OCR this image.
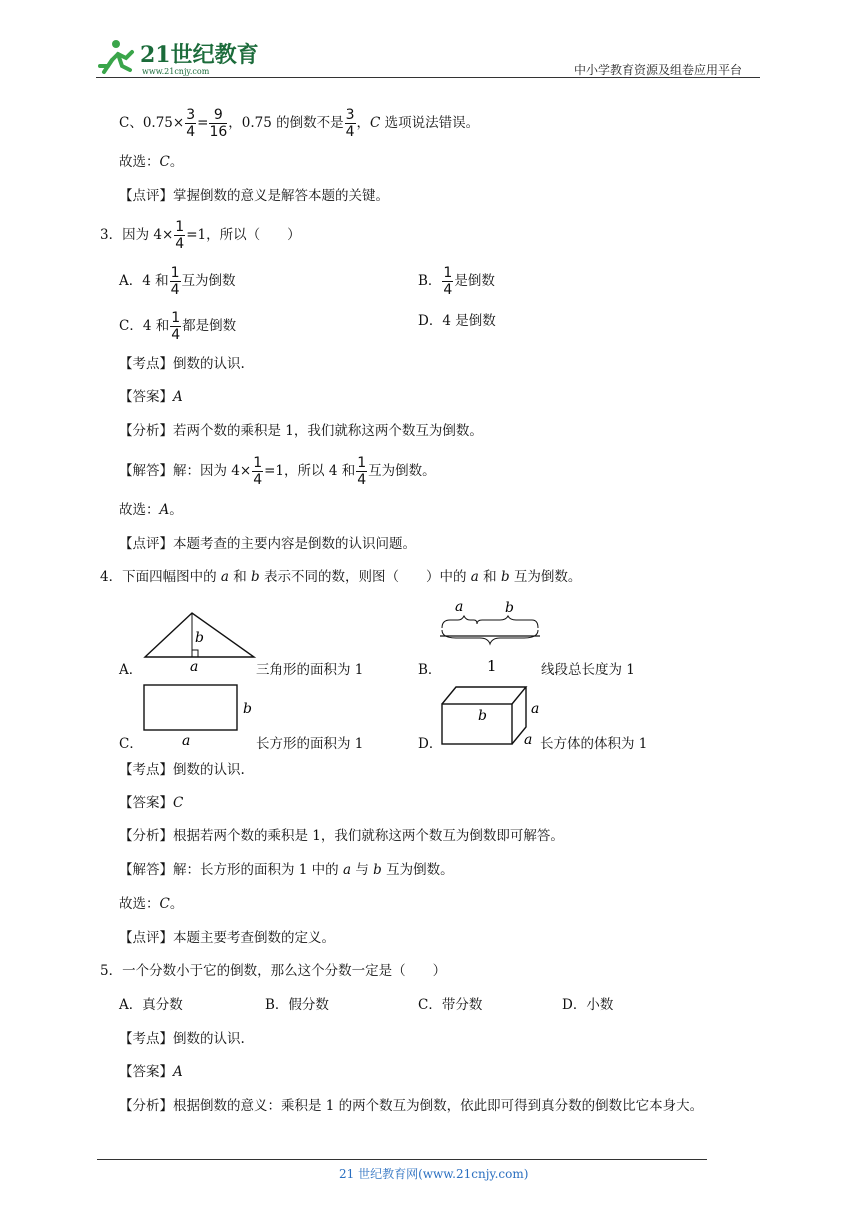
21世纪教育
www.21cnjy.com	中小学教育资源及组卷应用平台
C、$0.75\times \frac{3}{4} = \frac{9}{16}$ ，0.75 的倒数不是 $\frac{3}{4}$ ，C 选项说法错误。
故选：C。
【点评】掌握倒数的意义是解答本题的关键。
3．因为 $4\times \frac{1}{4} =1$，所以（　　）
A．4 和 $\frac{1}{4}$ 互为倒数	B． $\frac{1}{4}$ 是倒数
C．4 和 $\frac{1}{4}$ 都是倒数	D．4 是倒数
【考点】倒数的认识.
【答案】A
【分析】若两个数的乘积是 1，我们就称这两个数互为倒数。
【解答】解：因为 $4\times \frac{1}{4} =1$，所以 4 和 $\frac{1}{4}$ 互为倒数。
故选：A。
【点评】本题考查的主要内容是倒数的认识问题。
4．下面四幅图中的 a 和 b 表示不同的数，则图（　　）中的 a 和 b 互为倒数。
A．
b
a	三角形的面积为 1	B．
a	b
1	线段总长度为 1
C．
b
a	长方形的面积为 1	D．
b	a
a 长方体的体积为 1
【考点】倒数的认识.
【答案】C
【分析】根据若两个数的乘积是 1，我们就称这两个数互为倒数即可解答。
【解答】解：长方形的面积为 1 中的 a 与 b 互为倒数。
故选：C。
【点评】本题主要考查倒数的定义。
5．一个分数小于它的倒数，那么这个分数一定是（　　）
A．真分数	B．假分数	C．带分数	D．小数
【考点】倒数的认识.
【答案】A
【分析】根据倒数的意义：乘积是 1 的两个数互为倒数，依此即可得到真分数的倒数比它本身大。
21 世纪教育网(www.21cnjy.com)
